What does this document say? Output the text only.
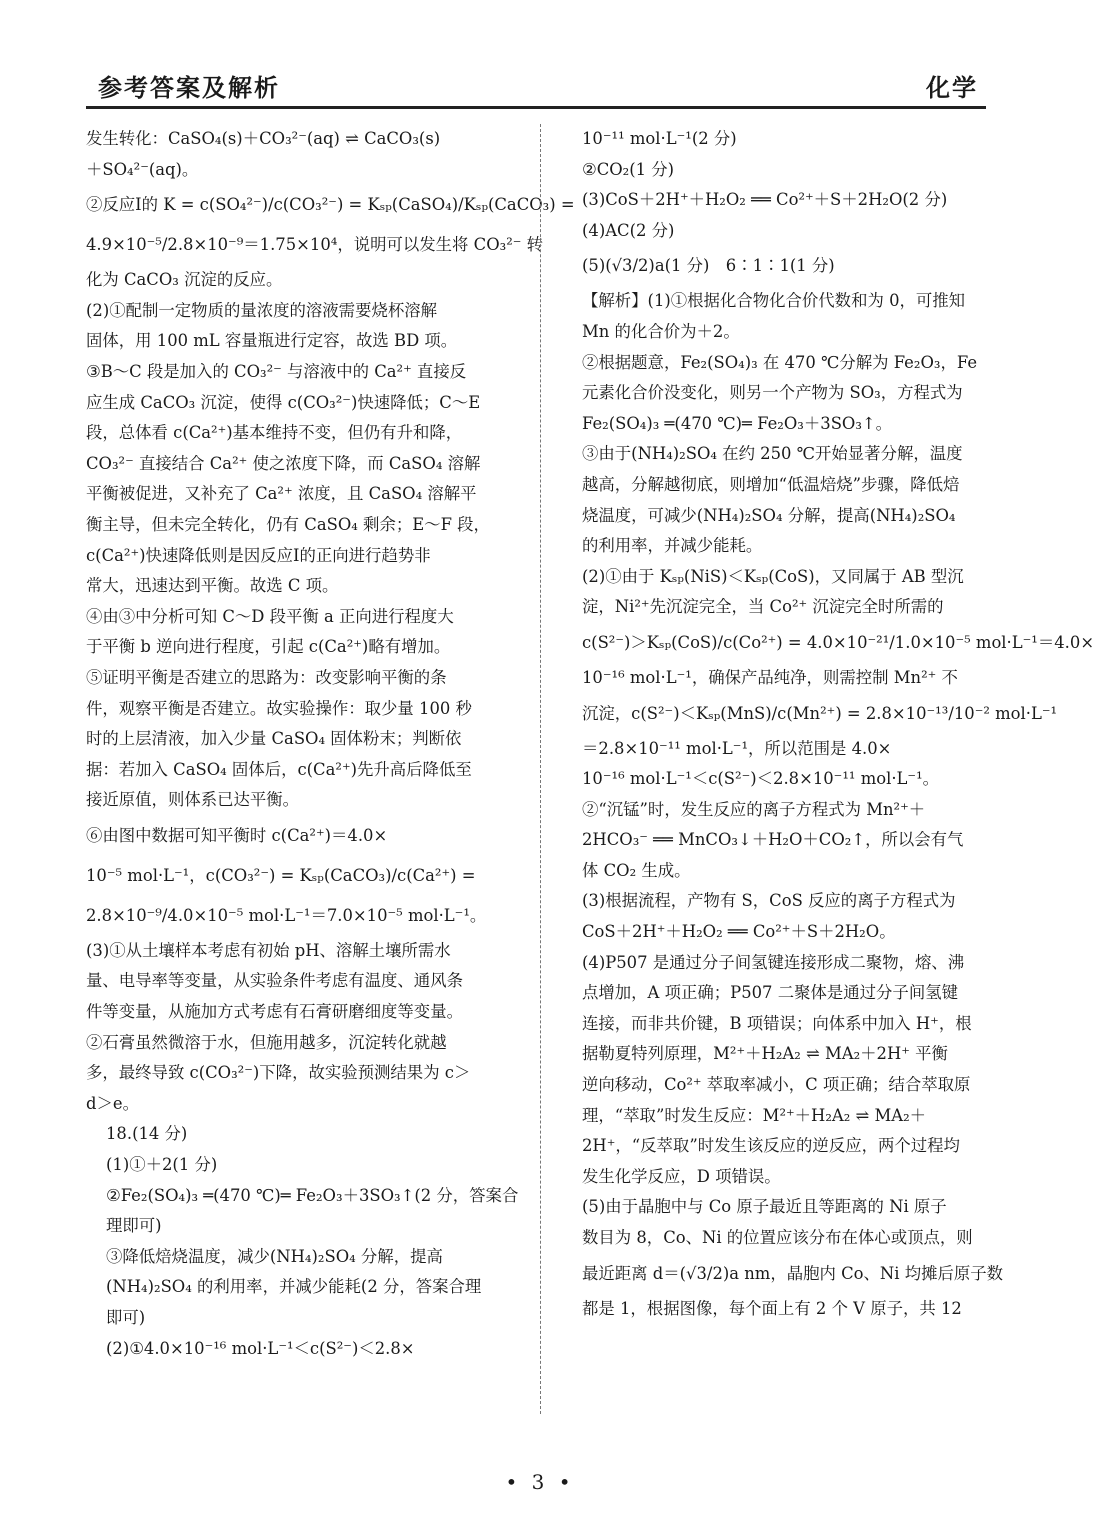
参考答案及解析	化学
发生转化：CaSO₄(s)＋CO₃²⁻(aq) ⇌ CaCO₃(s)
＋SO₄²⁻(aq)。
②反应Ⅰ的 K = c(SO₄²⁻)/c(CO₃²⁻) = Kₛₚ(CaSO₄)/Kₛₚ(CaCO₃) =
4.9×10⁻⁵/2.8×10⁻⁹＝1.75×10⁴，说明可以发生将 CO₃²⁻ 转
化为 CaCO₃ 沉淀的反应。
(2)①配制一定物质的量浓度的溶液需要烧杯溶解
固体，用 100 mL 容量瓶进行定容，故选 BD 项。
③B～C 段是加入的 CO₃²⁻ 与溶液中的 Ca²⁺ 直接反
应生成 CaCO₃ 沉淀，使得 c(CO₃²⁻)快速降低；C～E
段，总体看 c(Ca²⁺)基本维持不变，但仍有升和降，
CO₃²⁻ 直接结合 Ca²⁺ 使之浓度下降，而 CaSO₄ 溶解
平衡被促进，又补充了 Ca²⁺ 浓度，且 CaSO₄ 溶解平
衡主导，但未完全转化，仍有 CaSO₄ 剩余；E～F 段，
c(Ca²⁺)快速降低则是因反应Ⅰ的正向进行趋势非
常大，迅速达到平衡。故选 C 项。
④由③中分析可知 C～D 段平衡 a 正向进行程度大
于平衡 b 逆向进行程度，引起 c(Ca²⁺)略有增加。
⑤证明平衡是否建立的思路为：改变影响平衡的条
件，观察平衡是否建立。故实验操作：取少量 100 秒
时的上层清液，加入少量 CaSO₄ 固体粉末；判断依
据：若加入 CaSO₄ 固体后，c(Ca²⁺)先升高后降低至
接近原值，则体系已达平衡。
⑥由图中数据可知平衡时 c(Ca²⁺)＝4.0×
10⁻⁵ mol·L⁻¹，c(CO₃²⁻) = Kₛₚ(CaCO₃)/c(Ca²⁺) =
2.8×10⁻⁹/4.0×10⁻⁵ mol·L⁻¹＝7.0×10⁻⁵ mol·L⁻¹。
(3)①从土壤样本考虑有初始 pH、溶解土壤所需水
量、电导率等变量，从实验条件考虑有温度、通风条
件等变量，从施加方式考虑有石膏研磨细度等变量。
②石膏虽然微溶于水，但施用越多，沉淀转化就越
多，最终导致 c(CO₃²⁻)下降，故实验预测结果为 c＞
d＞e。
18.(14 分)
(1)①＋2(1 分)
②Fe₂(SO₄)₃ ═(470 ℃)═ Fe₂O₃＋3SO₃↑(2 分，答案合
理即可)
③降低焙烧温度，减少(NH₄)₂SO₄ 分解，提高
(NH₄)₂SO₄ 的利用率，并减少能耗(2 分，答案合理
即可)
(2)①4.0×10⁻¹⁶ mol·L⁻¹＜c(S²⁻)＜2.8×
10⁻¹¹ mol·L⁻¹(2 分)
②CO₂(1 分)
(3)CoS＋2H⁺＋H₂O₂ ══ Co²⁺＋S＋2H₂O(2 分)
(4)AC(2 分)
(5)(√3/2)a(1 分)　6∶1∶1(1 分)
【解析】(1)①根据化合物化合价代数和为 0，可推知
Mn 的化合价为＋2。
②根据题意，Fe₂(SO₄)₃ 在 470 ℃分解为 Fe₂O₃，Fe
元素化合价没变化，则另一个产物为 SO₃，方程式为
Fe₂(SO₄)₃ ═(470 ℃)═ Fe₂O₃＋3SO₃↑。
③由于(NH₄)₂SO₄ 在约 250 ℃开始显著分解，温度
越高，分解越彻底，则增加“低温焙烧”步骤，降低焙
烧温度，可减少(NH₄)₂SO₄ 分解，提高(NH₄)₂SO₄
的利用率，并减少能耗。
(2)①由于 Kₛₚ(NiS)＜Kₛₚ(CoS)，又同属于 AB 型沉
淀，Ni²⁺先沉淀完全，当 Co²⁺ 沉淀完全时所需的
c(S²⁻)＞Kₛₚ(CoS)/c(Co²⁺) = 4.0×10⁻²¹/1.0×10⁻⁵ mol·L⁻¹＝4.0×
10⁻¹⁶ mol·L⁻¹，确保产品纯净，则需控制 Mn²⁺ 不
沉淀，c(S²⁻)＜Kₛₚ(MnS)/c(Mn²⁺) = 2.8×10⁻¹³/10⁻² mol·L⁻¹
＝2.8×10⁻¹¹ mol·L⁻¹，所以范围是 4.0×
10⁻¹⁶ mol·L⁻¹＜c(S²⁻)＜2.8×10⁻¹¹ mol·L⁻¹。
②“沉锰”时，发生反应的离子方程式为 Mn²⁺＋
2HCO₃⁻ ══ MnCO₃↓＋H₂O＋CO₂↑，所以会有气
体 CO₂ 生成。
(3)根据流程，产物有 S，CoS 反应的离子方程式为
CoS＋2H⁺＋H₂O₂ ══ Co²⁺＋S＋2H₂O。
(4)P507 是通过分子间氢键连接形成二聚物，熔、沸
点增加，A 项正确；P507 二聚体是通过分子间氢键
连接，而非共价键，B 项错误；向体系中加入 H⁺，根
据勒夏特列原理，M²⁺＋H₂A₂ ⇌ MA₂＋2H⁺ 平衡
逆向移动，Co²⁺ 萃取率减小，C 项正确；结合萃取原
理，“萃取”时发生反应：M²⁺＋H₂A₂ ⇌ MA₂＋
2H⁺，“反萃取”时发生该反应的逆反应，两个过程均
发生化学反应，D 项错误。
(5)由于晶胞中与 Co 原子最近且等距离的 Ni 原子
数目为 8，Co、Ni 的位置应该分布在体心或顶点，则
最近距离 d＝(√3/2)a nm，晶胞内 Co、Ni 均摊后原子数
都是 1，根据图像，每个面上有 2 个 V 原子，共 12
• 3 •
